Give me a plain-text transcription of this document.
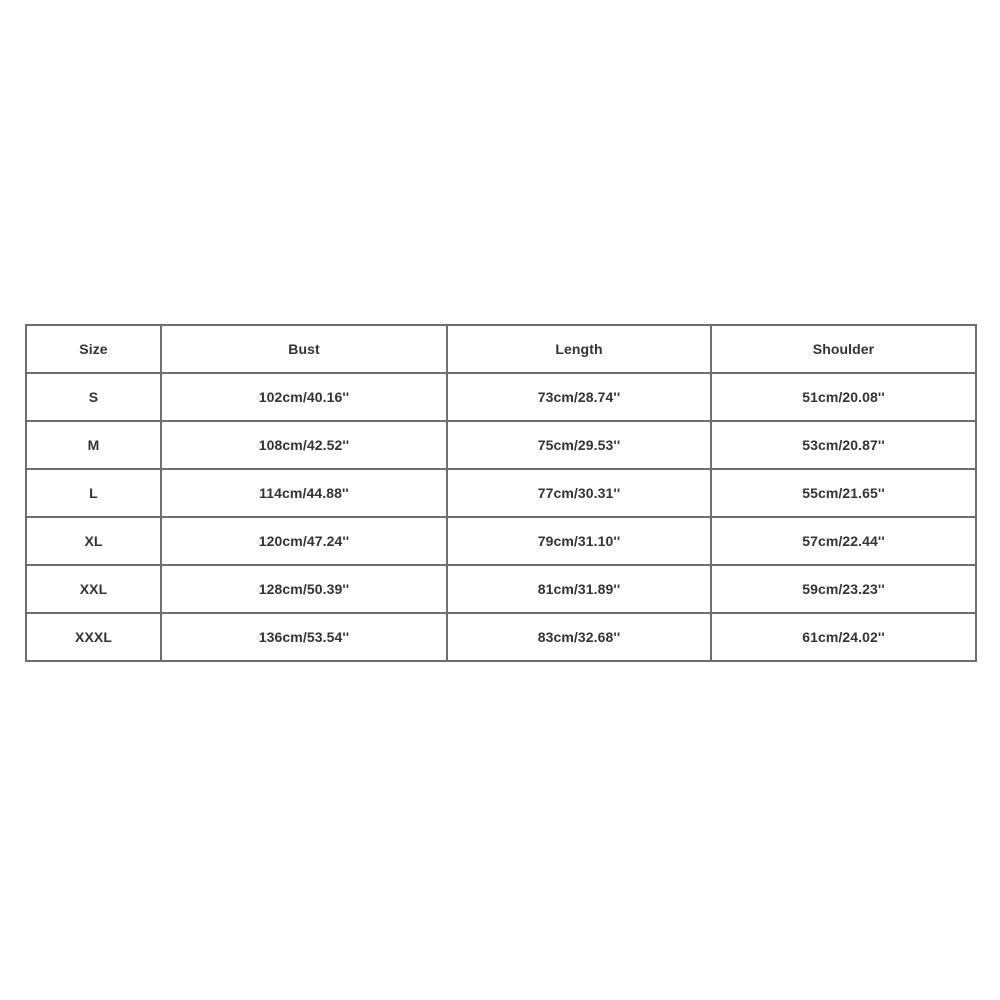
Size	Bust	Length	Shoulder
S	102cm/40.16''	73cm/28.74''	51cm/20.08''
M	108cm/42.52''	75cm/29.53''	53cm/20.87''
L	114cm/44.88''	77cm/30.31''	55cm/21.65''
XL	120cm/47.24''	79cm/31.10''	57cm/22.44''
XXL	128cm/50.39''	81cm/31.89''	59cm/23.23''
XXXL	136cm/53.54''	83cm/32.68''	61cm/24.02''
